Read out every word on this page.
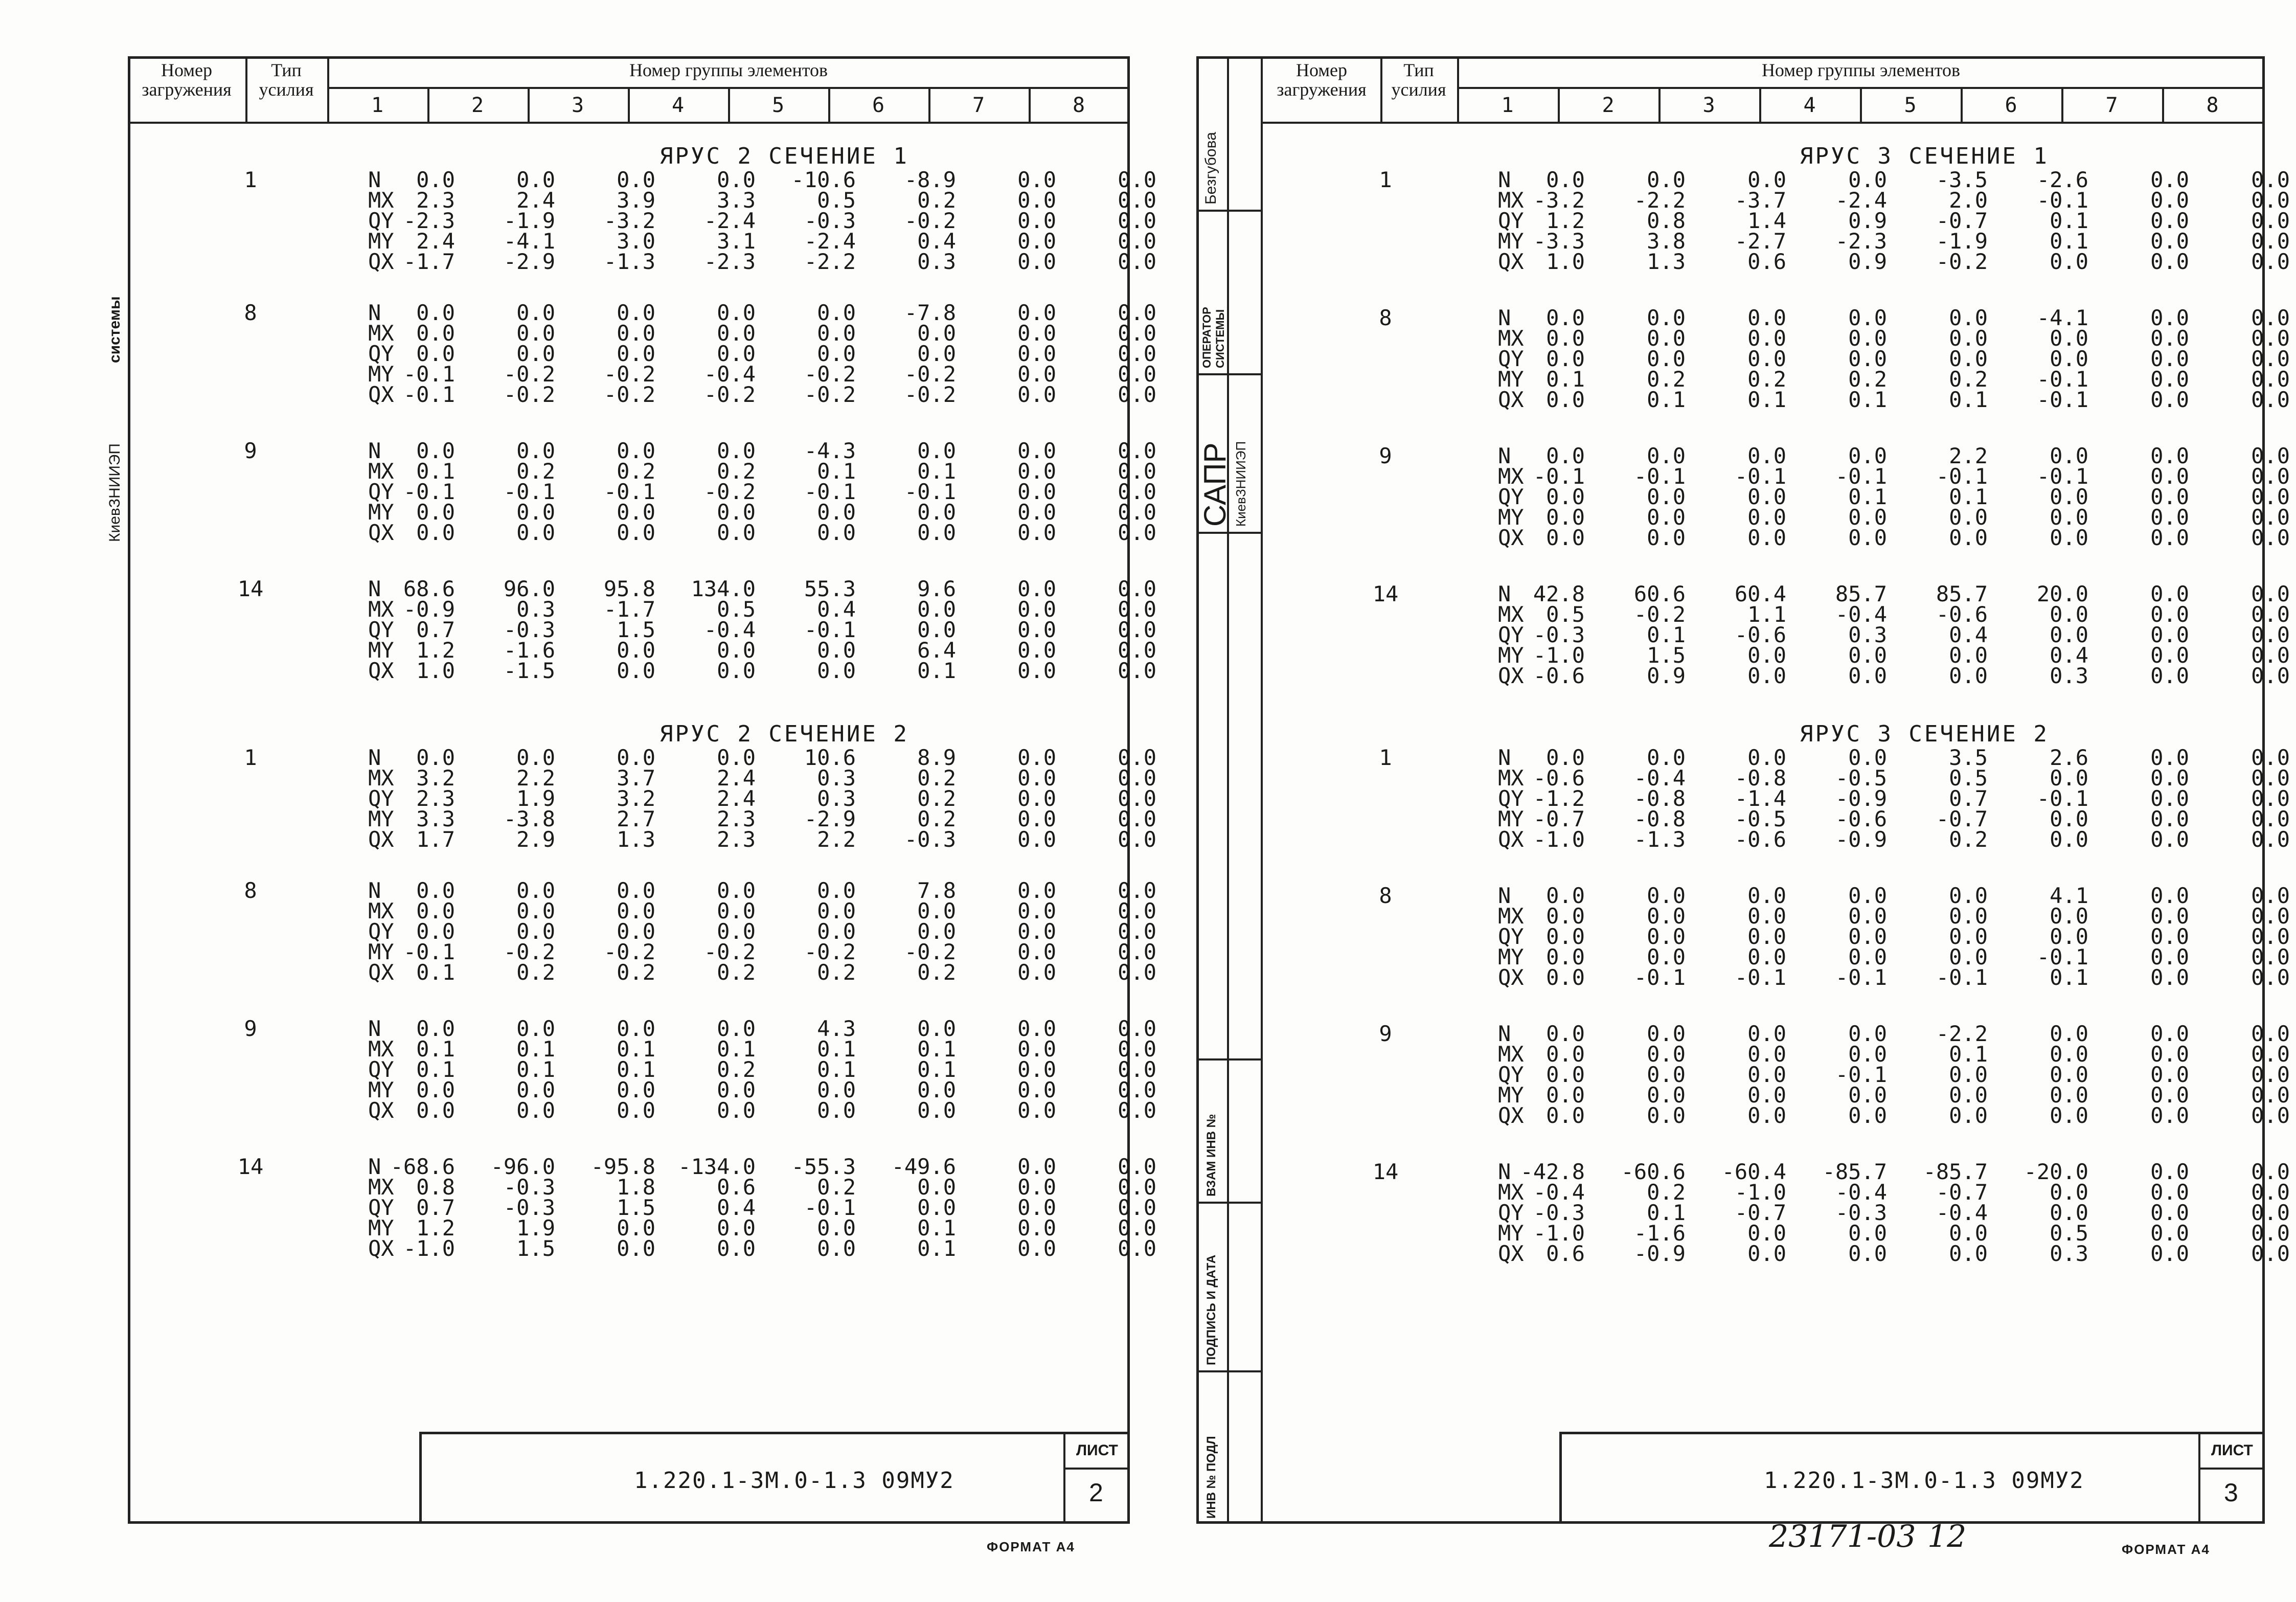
КиевЗНИИЭП
системы
Номер
загружения
Тип
усилия
Номер группы элементов
1.220.1-3М.0-1.3 09МУ2
ЛИСТ
2
ФОРМАТ А4
1	2	3	4	5	6	7	8
ЯРУС 2 СЕЧЕНИЕ 1
1	N	0.0	0.0	0.0	0.0	-10.6	-8.9	0.0	0.0
MX	2.3	2.4	3.9	3.3	0.5	0.2	0.0	0.0
QY -2.3	-1.9	-3.2	-2.4	-0.3	-0.2	0.0	0.0
MY	2.4	-4.1	3.0	3.1	-2.4	0.4	0.0	0.0
QX -1.7	-2.9	-1.3	-2.3	-2.2	0.3	0.0	0.0
8	N	0.0	0.0	0.0	0.0	0.0	-7.8	0.0	0.0
MX	0.0	0.0	0.0	0.0	0.0	0.0	0.0	0.0
QY	0.0	0.0	0.0	0.0	0.0	0.0	0.0	0.0
MY -0.1	-0.2	-0.2	-0.4	-0.2	-0.2	0.0	0.0
QX -0.1	-0.2	-0.2	-0.2	-0.2	-0.2	0.0	0.0
9	N	0.0	0.0	0.0	0.0	-4.3	0.0	0.0	0.0
MX	0.1	0.2	0.2	0.2	0.1	0.1	0.0	0.0
QY -0.1	-0.1	-0.1	-0.2	-0.1	-0.1	0.0	0.0
MY	0.0	0.0	0.0	0.0	0.0	0.0	0.0	0.0
QX	0.0	0.0	0.0	0.0	0.0	0.0	0.0	0.0
14	N	68.6	96.0	95.8	134.0	55.3	9.6	0.0	0.0
MX -0.9	0.3	-1.7	0.5	0.4	0.0	0.0	0.0
QY	0.7	-0.3	1.5	-0.4	-0.1	0.0	0.0	0.0
MY	1.2	-1.6	0.0	0.0	0.0	6.4	0.0	0.0
QX	1.0	-1.5	0.0	0.0	0.0	0.1	0.0	0.0
ЯРУС 2 СЕЧЕНИЕ 2
1	N	0.0	0.0	0.0	0.0	10.6	8.9	0.0	0.0
MX	3.2	2.2	3.7	2.4	0.3	0.2	0.0	0.0
QY	2.3	1.9	3.2	2.4	0.3	0.2	0.0	0.0
MY	3.3	-3.8	2.7	2.3	-2.9	0.2	0.0	0.0
QX	1.7	2.9	1.3	2.3	2.2	-0.3	0.0	0.0
8	N	0.0	0.0	0.0	0.0	0.0	7.8	0.0	0.0
MX	0.0	0.0	0.0	0.0	0.0	0.0	0.0	0.0
QY	0.0	0.0	0.0	0.0	0.0	0.0	0.0	0.0
MY -0.1	-0.2	-0.2	-0.2	-0.2	-0.2	0.0	0.0
QX	0.1	0.2	0.2	0.2	0.2	0.2	0.0	0.0
9	N	0.0	0.0	0.0	0.0	4.3	0.0	0.0	0.0
MX	0.1	0.1	0.1	0.1	0.1	0.1	0.0	0.0
QY	0.1	0.1	0.1	0.2	0.1	0.1	0.0	0.0
MY	0.0	0.0	0.0	0.0	0.0	0.0	0.0	0.0
QX	0.0	0.0	0.0	0.0	0.0	0.0	0.0	0.0
14	N -68.6	-96.0	-95.8	-134.0	-55.3	-49.6	0.0	0.0
MX	0.8	-0.3	1.8	0.6	0.2	0.0	0.0	0.0
QY	0.7	-0.3	1.5	0.4	-0.1	0.0	0.0	0.0
MY	1.2	1.9	0.0	0.0	0.0	0.1	0.0	0.0
QX -1.0	1.5	0.0	0.0	0.0	0.1	0.0	0.0
Безгубова
ОПЕРАТОР
СИСТЕМЫ
САПР КиевЗНИИЭП
ВЗАМ ИНВ №
ПОДПИСЬ И ДАТА
ИНВ № ПОДЛ
Номер
загружения
Тип
усилия
Номер группы элементов
1.220.1-3М.0-1.3 09МУ2
ЛИСТ
3
23171-03 12	ФОРМАТ А4
1	2	3	4	5	6	7	8
ЯРУС 3 СЕЧЕНИЕ 1
1	N	0.0	0.0	0.0	0.0	-3.5	-2.6	0.0	0.0
MX -3.2	-2.2	-3.7	-2.4	2.0	-0.1	0.0	0.0
QY	1.2	0.8	1.4	0.9	-0.7	0.1	0.0	0.0
MY -3.3	3.8	-2.7	-2.3	-1.9	0.1	0.0	0.0
QX	1.0	1.3	0.6	0.9	-0.2	0.0	0.0	0.0
8	N	0.0	0.0	0.0	0.0	0.0	-4.1	0.0	0.0
MX	0.0	0.0	0.0	0.0	0.0	0.0	0.0	0.0
QY	0.0	0.0	0.0	0.0	0.0	0.0	0.0	0.0
MY	0.1	0.2	0.2	0.2	0.2	-0.1	0.0	0.0
QX	0.0	0.1	0.1	0.1	0.1	-0.1	0.0	0.0
9	N	0.0	0.0	0.0	0.0	2.2	0.0	0.0	0.0
MX -0.1	-0.1	-0.1	-0.1	-0.1	-0.1	0.0	0.0
QY	0.0	0.0	0.0	0.1	0.1	0.0	0.0	0.0
MY	0.0	0.0	0.0	0.0	0.0	0.0	0.0	0.0
QX	0.0	0.0	0.0	0.0	0.0	0.0	0.0	0.0
14	N	42.8	60.6	60.4	85.7	85.7	20.0	0.0	0.0
MX	0.5	-0.2	1.1	-0.4	-0.6	0.0	0.0	0.0
QY -0.3	0.1	-0.6	0.3	0.4	0.0	0.0	0.0
MY -1.0	1.5	0.0	0.0	0.0	0.4	0.0	0.0
QX -0.6	0.9	0.0	0.0	0.0	0.3	0.0	0.0
ЯРУС 3 СЕЧЕНИЕ 2
1	N	0.0	0.0	0.0	0.0	3.5	2.6	0.0	0.0
MX -0.6	-0.4	-0.8	-0.5	0.5	0.0	0.0	0.0
QY -1.2	-0.8	-1.4	-0.9	0.7	-0.1	0.0	0.0
MY -0.7	-0.8	-0.5	-0.6	-0.7	0.0	0.0	0.0
QX -1.0	-1.3	-0.6	-0.9	0.2	0.0	0.0	0.0
8	N	0.0	0.0	0.0	0.0	0.0	4.1	0.0	0.0
MX	0.0	0.0	0.0	0.0	0.0	0.0	0.0	0.0
QY	0.0	0.0	0.0	0.0	0.0	0.0	0.0	0.0
MY	0.0	0.0	0.0	0.0	0.0	-0.1	0.0	0.0
QX	0.0	-0.1	-0.1	-0.1	-0.1	0.1	0.0	0.0
9	N	0.0	0.0	0.0	0.0	-2.2	0.0	0.0	0.0
MX	0.0	0.0	0.0	0.0	0.1	0.0	0.0	0.0
QY	0.0	0.0	0.0	-0.1	0.0	0.0	0.0	0.0
MY	0.0	0.0	0.0	0.0	0.0	0.0	0.0	0.0
QX	0.0	0.0	0.0	0.0	0.0	0.0	0.0	0.0
14	N -42.8	-60.6	-60.4	-85.7	-85.7	-20.0	0.0	0.0
MX -0.4	0.2	-1.0	-0.4	-0.7	0.0	0.0	0.0
QY -0.3	0.1	-0.7	-0.3	-0.4	0.0	0.0	0.0
MY -1.0	-1.6	0.0	0.0	0.0	0.5	0.0	0.0
QX	0.6	-0.9	0.0	0.0	0.0	0.3	0.0	0.0
